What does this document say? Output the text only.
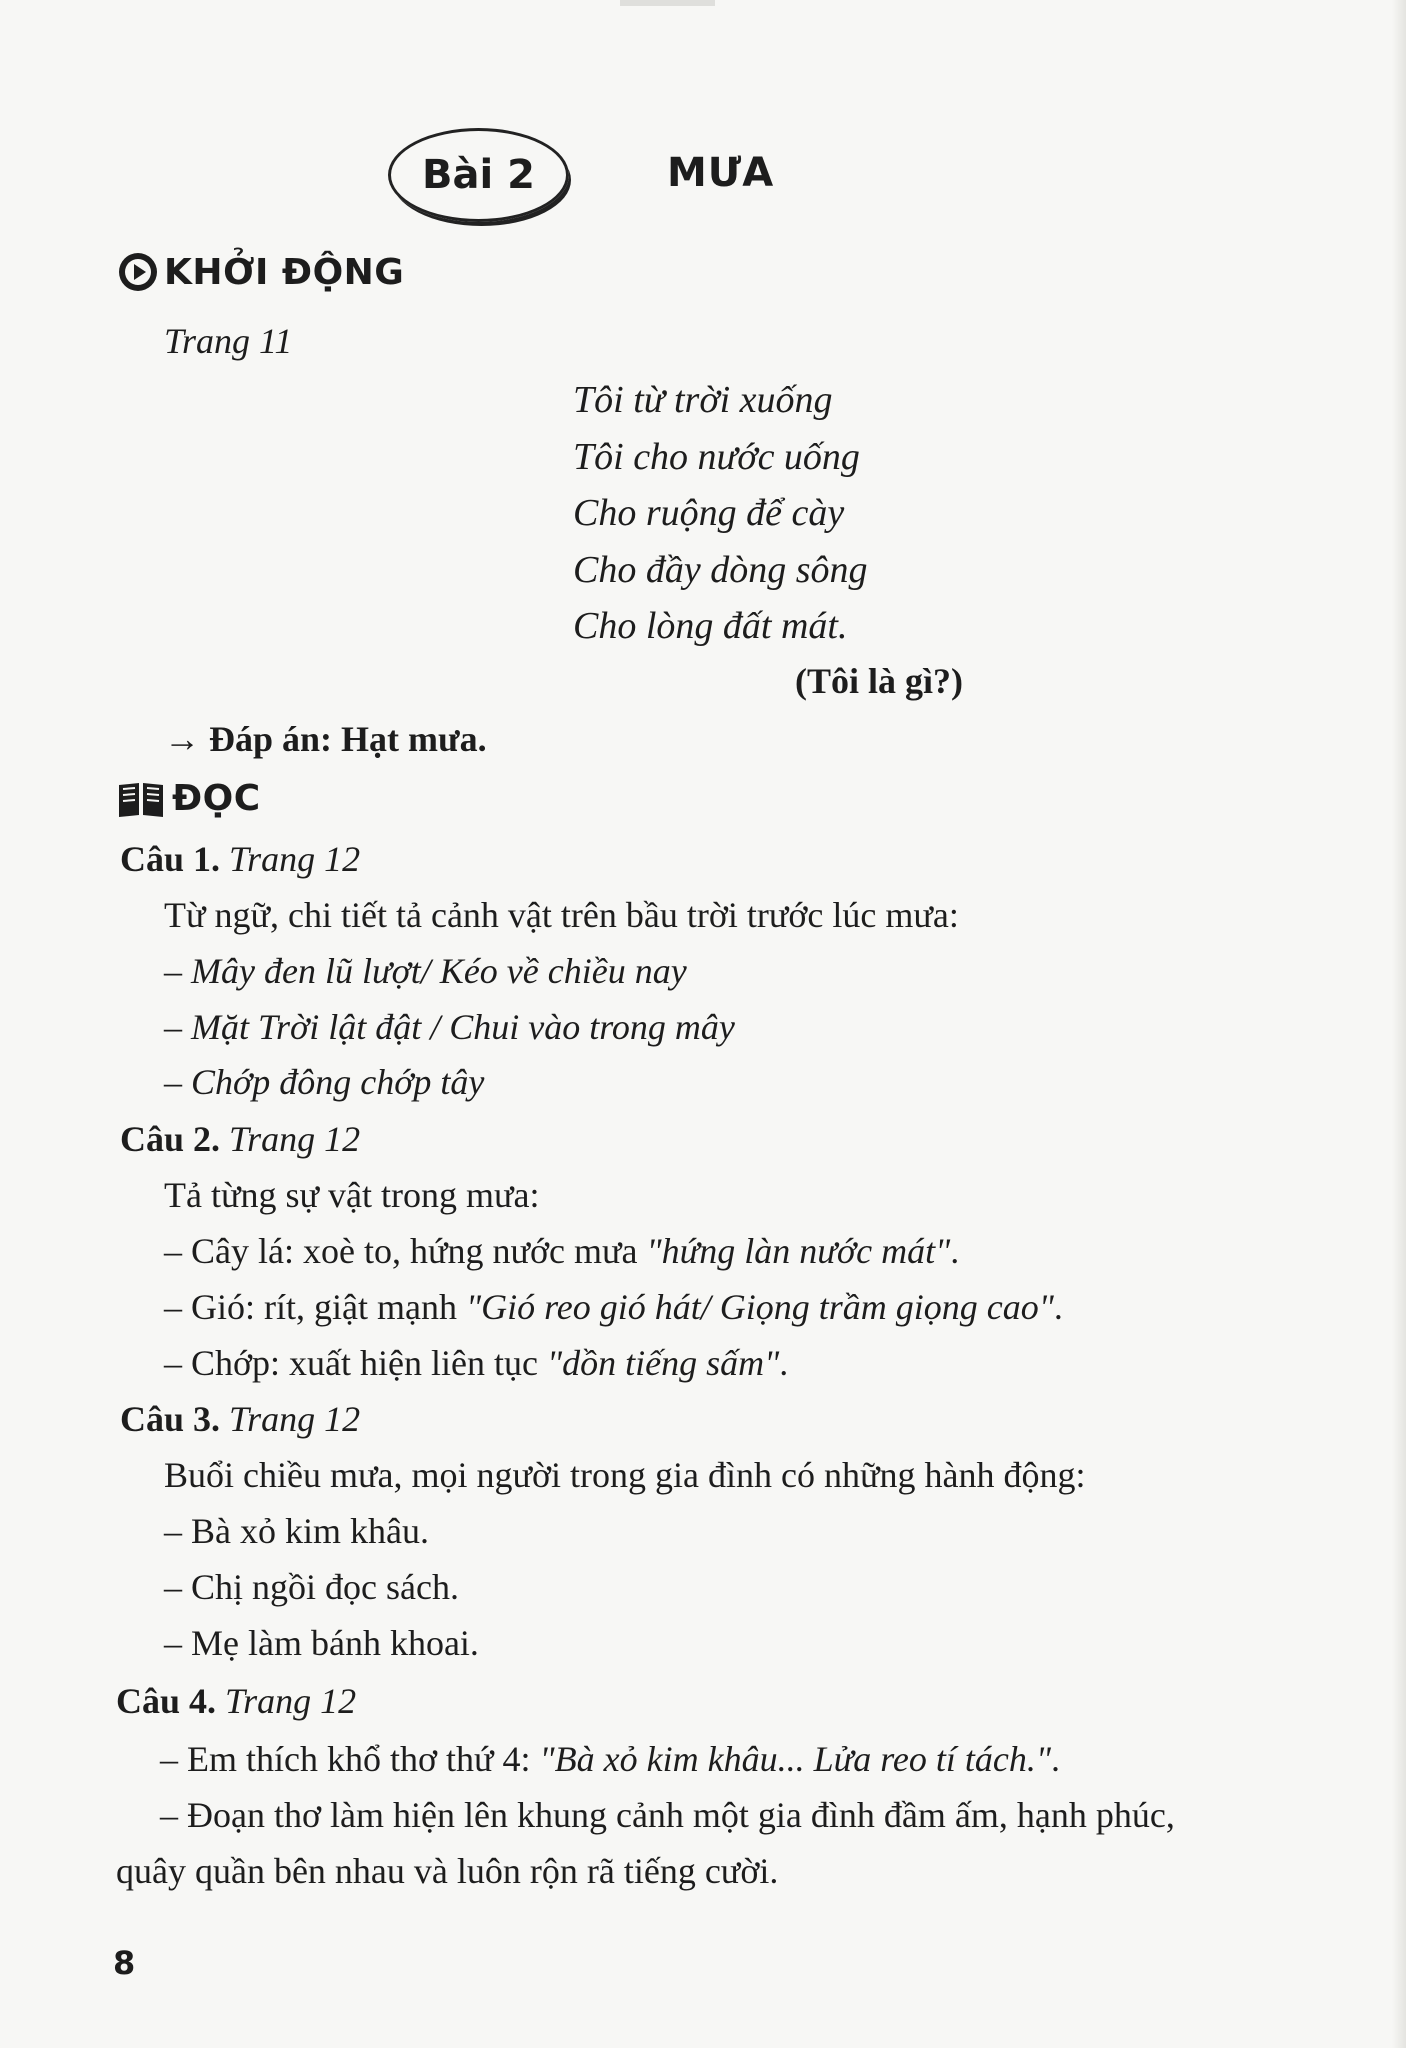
Bài 2	MƯA
KHỞI ĐỘNG
Trang 11
Tôi từ trời xuống
Tôi cho nước uống
Cho ruộng để cày
Cho đầy dòng sông
Cho lòng đất mát.
(Tôi là gì?)
→ Đáp án: Hạt mưa.
ĐỌC
Câu 1. Trang 12
Từ ngữ, chi tiết tả cảnh vật trên bầu trời trước lúc mưa:
– Mây đen lũ lượt/ Kéo về chiều nay
– Mặt Trời lật đật / Chui vào trong mây
– Chớp đông chớp tây
Câu 2. Trang 12
Tả từng sự vật trong mưa:
– Cây lá: xoè to, hứng nước mưa "hứng làn nước mát".
– Gió: rít, giật mạnh "Gió reo gió hát/ Giọng trầm giọng cao".
– Chớp: xuất hiện liên tục "dồn tiếng sấm".
Câu 3. Trang 12
Buổi chiều mưa, mọi người trong gia đình có những hành động:
– Bà xỏ kim khâu.
– Chị ngồi đọc sách.
– Mẹ làm bánh khoai.
Câu 4. Trang 12
– Em thích khổ thơ thứ 4: "Bà xỏ kim khâu... Lửa reo tí tách.".
– Đoạn thơ làm hiện lên khung cảnh một gia đình đầm ấm, hạnh phúc,
quây quần bên nhau và luôn rộn rã tiếng cười.
8
